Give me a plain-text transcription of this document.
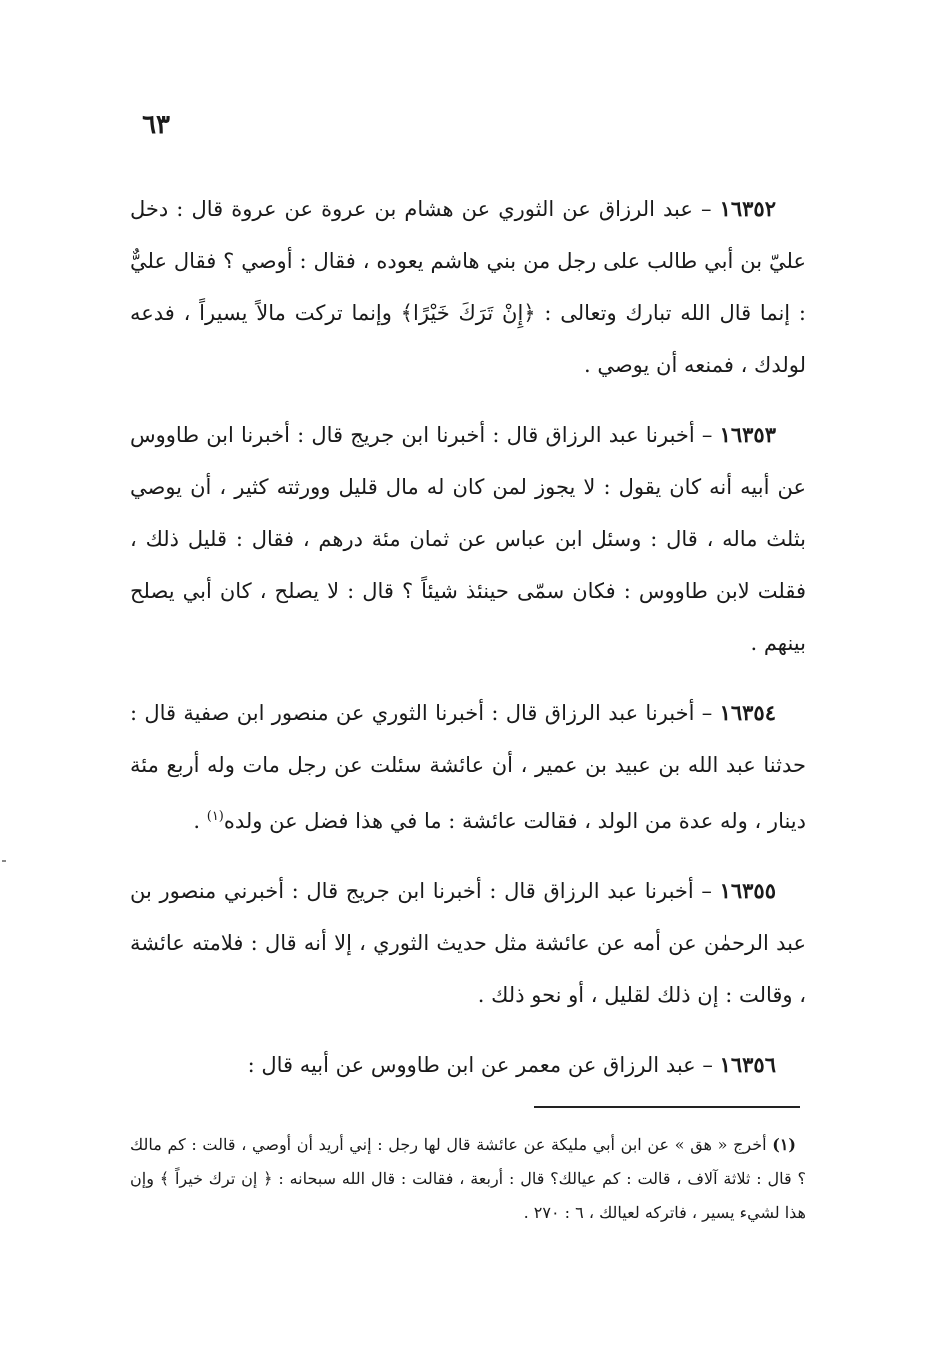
٦٣

١٦٣٥٢ – عبد الرزاق عن الثوري عن هشام بن عروة عن عروة قال : دخل عليّ بن أبي طالب على رجل من بني هاشم يعوده ، فقال : أوصي ؟ فقال عليٌّ : إنما قال الله تبارك وتعالى : ﴿إِنْ تَرَكَ خَيْرًا﴾ وإنما تركت مالاً يسيراً ، فدعه لولدك ، فمنعه أن يوصي .

١٦٣٥٣ – أخبرنا عبد الرزاق قال : أخبرنا ابن جريج قال : أخبرنا ابن طاووس عن أبيه أنه كان يقول : لا يجوز لمن كان له مال قليل وورثته كثير ، أن يوصي بثلث ماله ، قال : وسئل ابن عباس عن ثمان مئة درهم ، فقال : قليل ذلك ، فقلت لابن طاووس : فكان سمّى حينئذ شيئاً ؟ قال : لا يصلح ، كان أبي يصلح بينهم .

١٦٣٥٤ – أخبرنا عبد الرزاق قال : أخبرنا الثوري عن منصور ابن صفية قال : حدثنا عبد الله بن عبيد بن عمير ، أن عائشة سئلت عن رجل مات وله أربع مئة دينار ، وله عدة من الولد ، فقالت عائشة : ما في هذا فضل عن ولده$^{(١)}$ .

١٦٣٥٥ – أخبرنا عبد الرزاق قال : أخبرنا ابن جريج قال : أخبرني منصور بن عبد الرحمٰن عن أمه عن عائشة مثل حديث الثوري ، إلا أنه قال : فلامته عائشة ، وقالت : إن ذلك لقليل ، أو نحو ذلك .

١٦٣٥٦ – عبد الرزاق عن معمر عن ابن طاووس عن أبيه قال :

(١) أخرج « هق » عن ابن أبي مليكة عن عائشة قال لها رجل : إني أريد أن أوصي ، قالت : كم مالك ؟ قال : ثلاثة آلاف ، قالت : كم عيالك؟ قال : أربعة ، فقالت : قال الله سبحانه : ﴿ إن ترك خيراً ﴾ وإن هذا لشيء يسير ، فاتركه لعيالك ، ٦ : ٢٧٠ .
